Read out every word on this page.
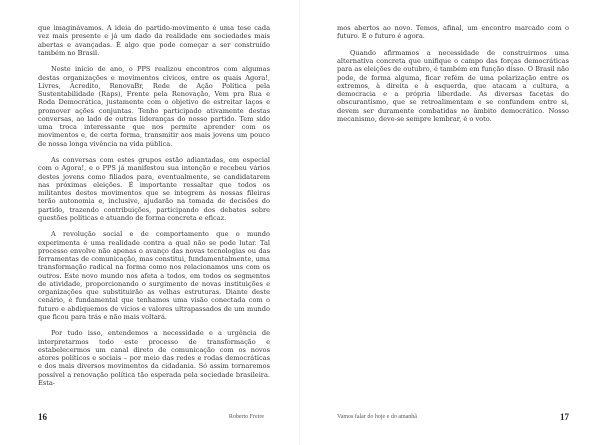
que imaginávamos. A ideia do partido-movimento é uma tese cada vez mais presente e já um dado da realidade em sociedades mais abertas e avançadas. É algo que pode começar a ser construído também no Brasil.

Neste início de ano, o PPS realizou encontros com algumas destas organizações e movimentos cívicos, entre os quais Agora!, Livres, Acredito, RenovaBr, Rede de Ação Política pela Sustentabilidade (Raps), Frente pela Renovação, Vem pra Rua e Roda Democrática, justamente com o objetivo de estreitar laços e promover ações conjuntas. Tenho participado ativamente destas conversas, ao lado de outras lideranças do nosso partido. Tem sido uma troca interessante que nos permite aprender com os movimentos e, de certa forma, transmitir aos mais jovens um pouco de nossa longa vivência na vida pública.

As conversas com estes grupos estão adiantadas, em especial com o Agora!, e o PPS já manifestou sua intenção e recebeu vários destes jovens como filiados para, eventualmente, se candidatarem nas próximas eleições. É importante ressaltar que todos os militantes destes movimentos que se integrem às nossas fileiras terão autonomia e, inclusive, ajudarão na tomada de decisões do partido, trazendo contribuições, participando dos debates sobre questões políticas e atuando de forma concreta e eficaz.

A revolução social e de comportamento que o mundo experimenta é uma realidade contra a qual não se pode lutar. Tal processo envolve não apenas o avanço das novas tecnologias ou das ferramentas de comunicação, mas constitui, fundamentalmente, uma transformação radical na forma como nos relacionamos uns com os outros. Este novo mundo nos afeta a todos, em todos os segmentos de atividade, proporcionando o surgimento de novas instituições e organizações que substituirão as velhas estruturas. Diante deste cenário, é fundamental que tenhamos uma visão conectada com o futuro e abdiquemos de vícios e valores ultrapassados de um mundo que ficou para trás e não mais voltará.

Por tudo isso, entendemos a necessidade e a urgência de interpretarmos todo este processo de transformação e estabelecermos um canal direto de comunicação com os novos atores políticos e sociais – por meio das redes e rodas democráticas e dos mais diversos movimentos da cidadania. Só assim tornaremos possível a renovação política tão esperada pela sociedade brasileira. Esta-

16	Roberto Freire

mos abertos ao novo. Temos, afinal, um encontro marcado com o futuro. E o futuro é agora.

Quando afirmamos a necessidade de construirmos uma alternativa concreta que unifique o campo das forças democráticas para as eleições de outubro, é também em função disso. O Brasil não pode, de forma alguma, ficar refém de uma polarização entre os extremos, à direita e à esquerda, que atacam a cultura, a democracia e a própria liberdade. As diversas facetas do obscurantismo, que se retroalimentam e se confundem entre si, devem ser duramente combatidas no âmbito democrático. Nosso mecanismo, deve-se sempre lembrar, é o voto.

Vamos falar do hoje e do amanhã	17
